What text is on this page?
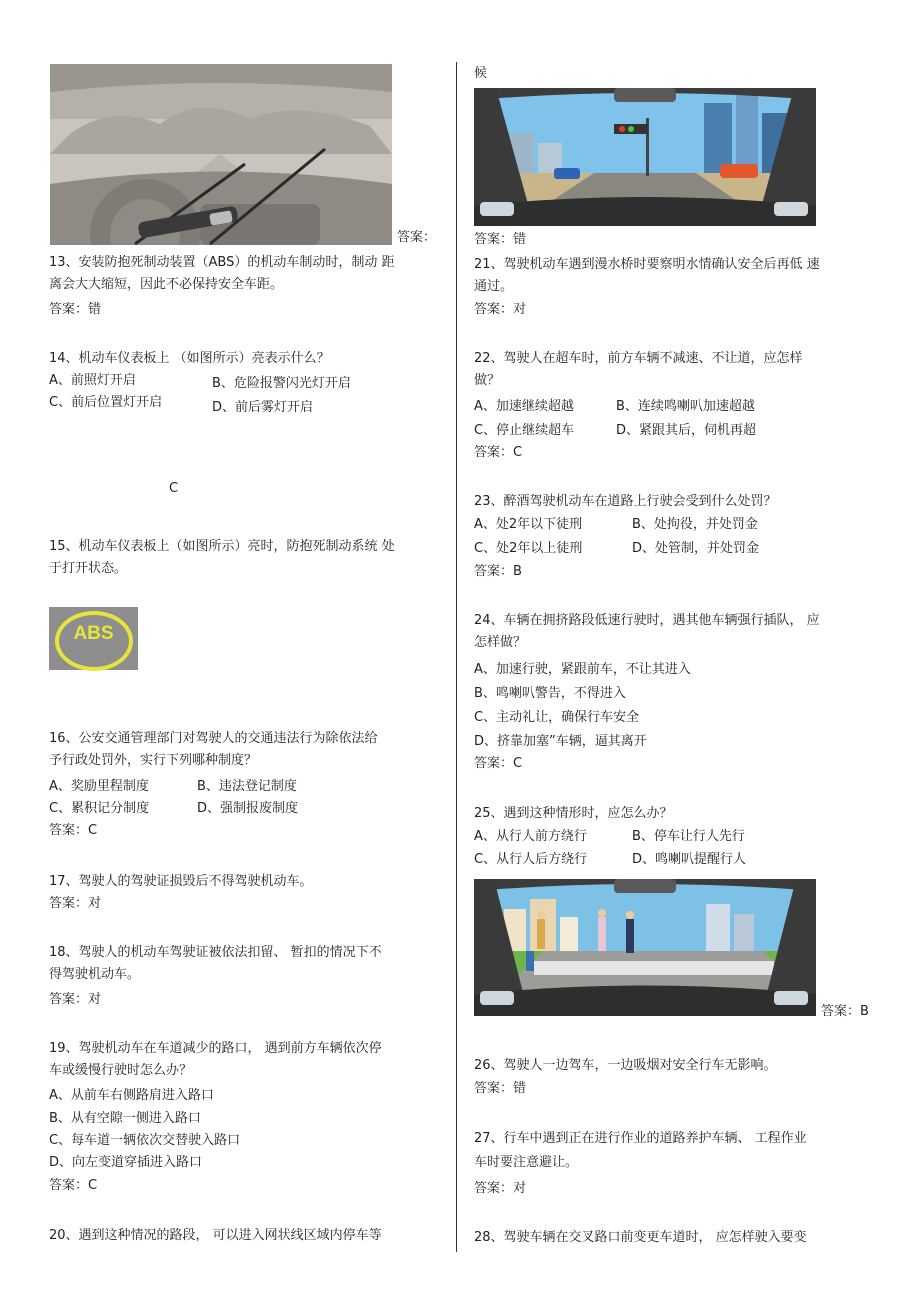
答案：
13、安装防抱死制动装置（ABS）的机动车制动时，制动 距
离会大大缩短，因此不必保持安全车距。
答案：错
14、机动车仪表板上 （如图所示）亮表示什么？
A、前照灯开启	B、危险报警闪光灯开启
C、前后位置灯开启	D、前后雾灯开启
C
15、机动车仪表板上（如图所示）亮时，防抱死制动系统 处
于打开状态。
ABS
16、公安交通管理部门对驾驶人的交通违法行为除依法给
予行政处罚外，实行下列哪种制度？
A、奖励里程制度	B、违法登记制度
C、累积记分制度	D、强制报废制度
答案：C
17、驾驶人的驾驶证损毁后不得驾驶机动车。
答案：对
18、驾驶人的机动车驾驶证被依法扣留、 暂扣的情况下不
得驾驶机动车。
答案：对
19、驾驶机动车在车道减少的路口， 遇到前方车辆依次停
车或缓慢行驶时怎么办？
A、从前车右侧路肩进入路口
B、从有空隙一侧进入路口
C、每车道一辆依次交替驶入路口
D、向左变道穿插进入路口
答案：C
20、遇到这种情况的路段， 可以进入网状线区域内停车等
候
答案：错
21、驾驶机动车遇到漫水桥时要察明水情确认安全后再低 速
通过。
答案：对
22、驾驶人在超车时，前方车辆不减速、不让道，应怎样
做？
A、加速继续超越	B、连续鸣喇叭加速超越
C、停止继续超车	D、紧跟其后，伺机再超
答案：C
23、醉酒驾驶机动车在道路上行驶会受到什么处罚？
A、处2年以下徒刑	B、处拘役，并处罚金
C、处2年以上徒刑	D、处管制，并处罚金
答案：B
24、车辆在拥挤路段低速行驶时，遇其他车辆强行插队， 应
怎样做？
A、加速行驶，紧跟前车，不让其进入
B、鸣喇叭警告，不得进入
C、主动礼让，确保行车安全
D、挤靠加塞”车辆，逼其离开
答案：C
25、遇到这种情形时，应怎么办？
A、从行人前方绕行	B、停车让行人先行
C、从行人后方绕行	D、鸣喇叭提醒行人
答案：B
26、驾驶人一边驾车，一边吸烟对安全行车无影响。
答案：错
27、行车中遇到正在进行作业的道路养护车辆、 工程作业
车时要注意避让。
答案：对
28、驾驶车辆在交叉路口前变更车道时， 应怎样驶入要变
